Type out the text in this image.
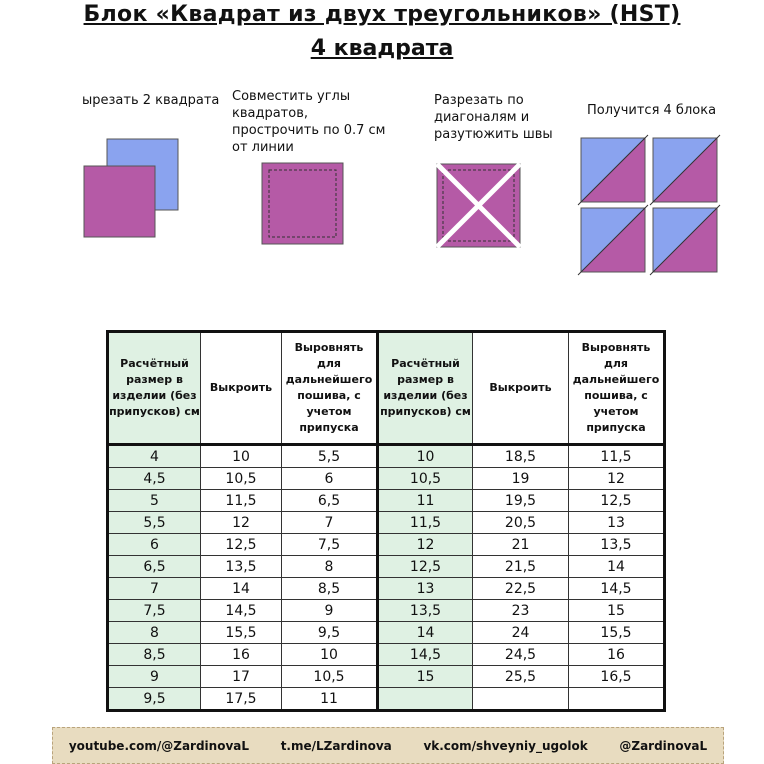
Блок «Квадрат из двух треугольников» (HST)
4 квадрата
ырезать 2 квадрата Совместить углы квадратов, прострочить по 0.7 см от линии
Разрезать по диагоналям и разутюжить швы
Получится 4 блока
Расчётный размер в изделии (без припусков) см	Выкроить	Выровнять для дальнейшего пошива, с учетом припуска	Расчётный размер в изделии (без припусков) см	Выкроить	Выровнять для дальнейшего пошива, с учетом припуска
4	10	5,5	10	18,5	11,5
4,5	10,5	6	10,5	19	12
5	11,5	6,5	11	19,5	12,5
5,5	12	7	11,5	20,5	13
6	12,5	7,5	12	21	13,5
6,5	13,5	8	12,5	21,5	14
7	14	8,5	13	22,5	14,5
7,5	14,5	9	13,5	23	15
8	15,5	9,5	14	24	15,5
8,5	16	10	14,5	24,5	16
9	17	10,5	15	25,5	16,5
9,5	17,5	11			
youtube.com/@ZardinovaL	t.me/LZardinova	vk.com/shveyniy_ugolok	@ZardinovaL
